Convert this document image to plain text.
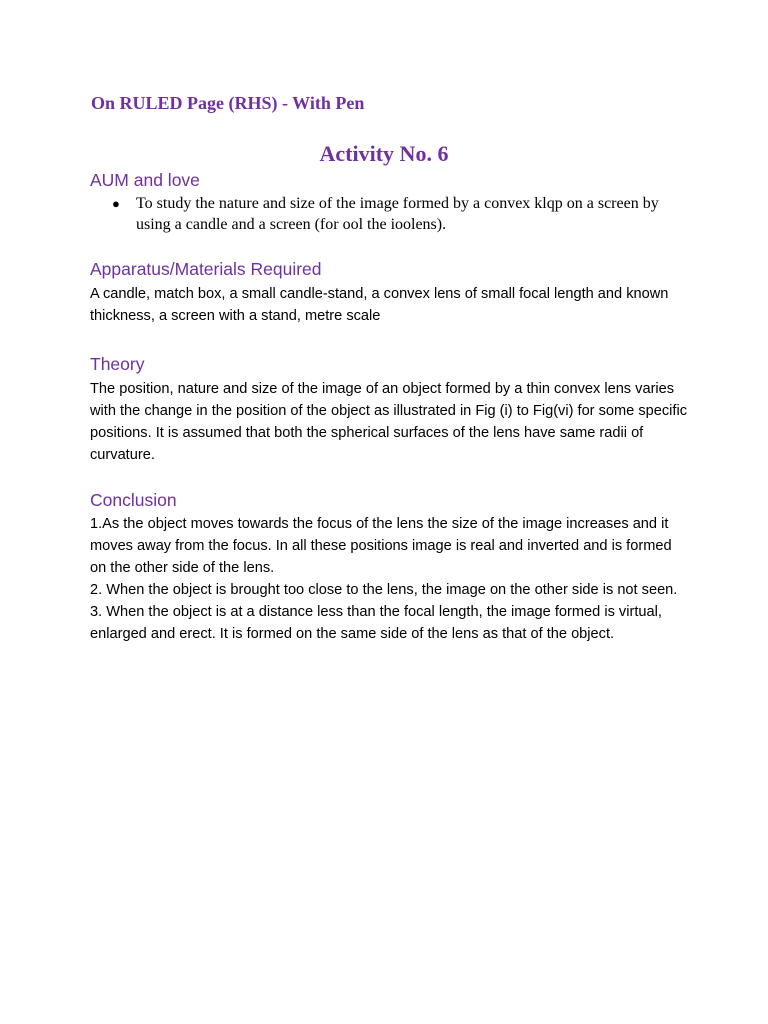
On RULED Page (RHS) - With Pen

Activity No. 6
AUM and love
● To study the nature and size of the image formed by a convex klqp on a screen by using a candle and a screen (for ool the ioolens).
Apparatus/Materials Required

A candle, match box, a small candle-stand, a convex lens of small focal length and known thickness, a screen with a stand, metre scale

Theory

The position, nature and size of the image of an object formed by a thin convex lens varies with the change in the position of the object as illustrated in Fig (i) to Fig(vi) for some specific positions. It is assumed that both the spherical surfaces of the lens have same radii of curvature.

Conclusion

1.As the object moves towards the focus of the lens the size of the image increases and it moves away from the focus. In all these positions image is real and inverted and is formed on the other side of the lens.

2. When the object is brought too close to the lens, the image on the other side is not seen.

3. When the object is at a distance less than the focal length, the image formed is virtual, enlarged and erect. It is formed on the same side of the lens as that of the object.
